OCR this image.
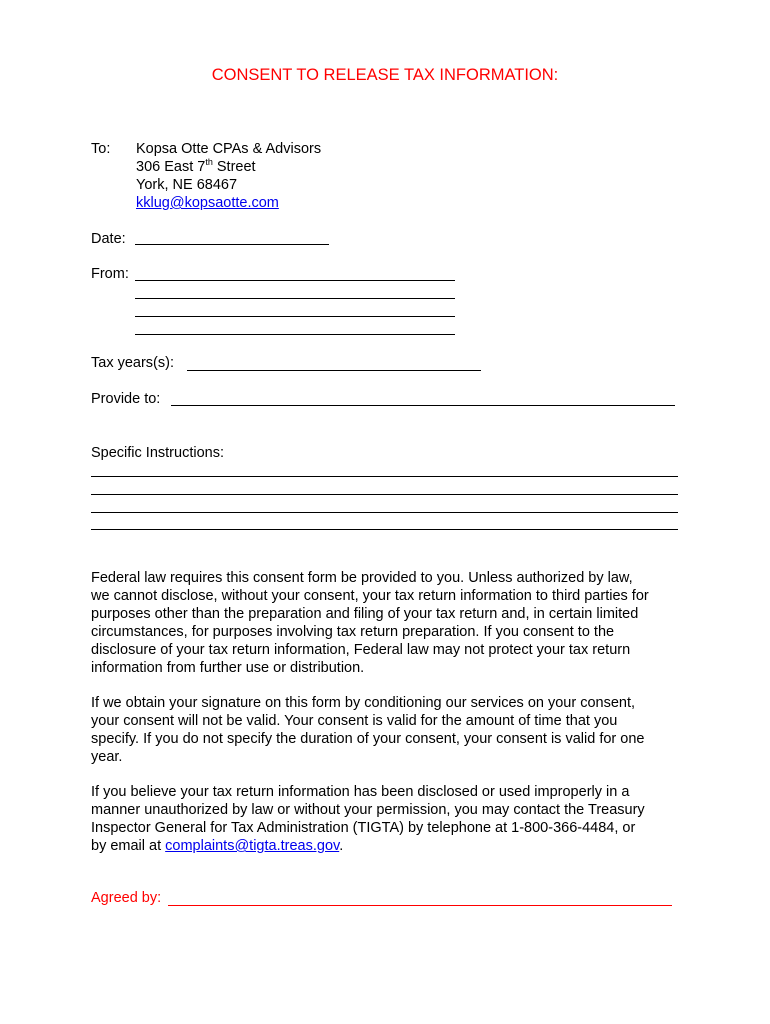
CONSENT TO RELEASE TAX INFORMATION:
To: Kopsa Otte CPAs & Advisors
306 East 7th Street
York, NE 68467
kklug@kopsaotte.com
Date:
From:
Tax years(s):
Provide to:
Specific Instructions:
Federal law requires this consent form be provided to you. Unless authorized by law,
we cannot disclose, without your consent, your tax return information to third parties for
purposes other than the preparation and filing of your tax return and, in certain limited
circumstances, for purposes involving tax return preparation. If you consent to the
disclosure of your tax return information, Federal law may not protect your tax return
information from further use or distribution.
If we obtain your signature on this form by conditioning our services on your consent,
your consent will not be valid. Your consent is valid for the amount of time that you
specify. If you do not specify the duration of your consent, your consent is valid for one
year.
If you believe your tax return information has been disclosed or used improperly in a
manner unauthorized by law or without your permission, you may contact the Treasury
Inspector General for Tax Administration (TIGTA) by telephone at 1-800-366-4484, or
by email at complaints@tigta.treas.gov.
Agreed by:
